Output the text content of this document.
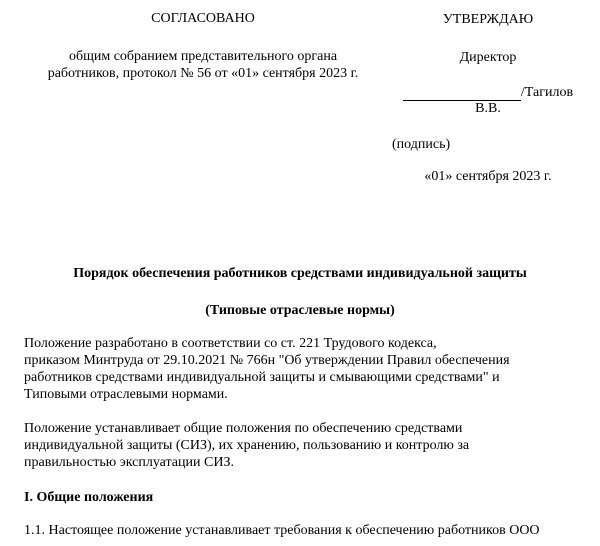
СОГЛАСОВАНО
общим собранием представительного органа
работников, протокол № 56 от «01» сентября 2023 г.
УТВЕРЖДАЮ
Директор
/Тагилов
В.В.
(подпись)
«01» сентября 2023 г.
Порядок обеспечения работников средствами индивидуальной защиты
(Типовые отраслевые нормы)
Положение разработано в соответствии со ст. 221 Трудового кодекса,
приказом Минтруда от 29.10.2021 № 766н "Об утверждении Правил обеспечения
работников средствами индивидуальной защиты и смывающими средствами" и
Типовыми отраслевыми нормами.
Положение устанавливает общие положения по обеспечению средствами
индивидуальной защиты (СИЗ), их хранению, пользованию и контролю за
правильностью эксплуатации СИЗ.
I. Общие положения
1.1. Настоящее положение устанавливает требования к обеспечению работников ООО
